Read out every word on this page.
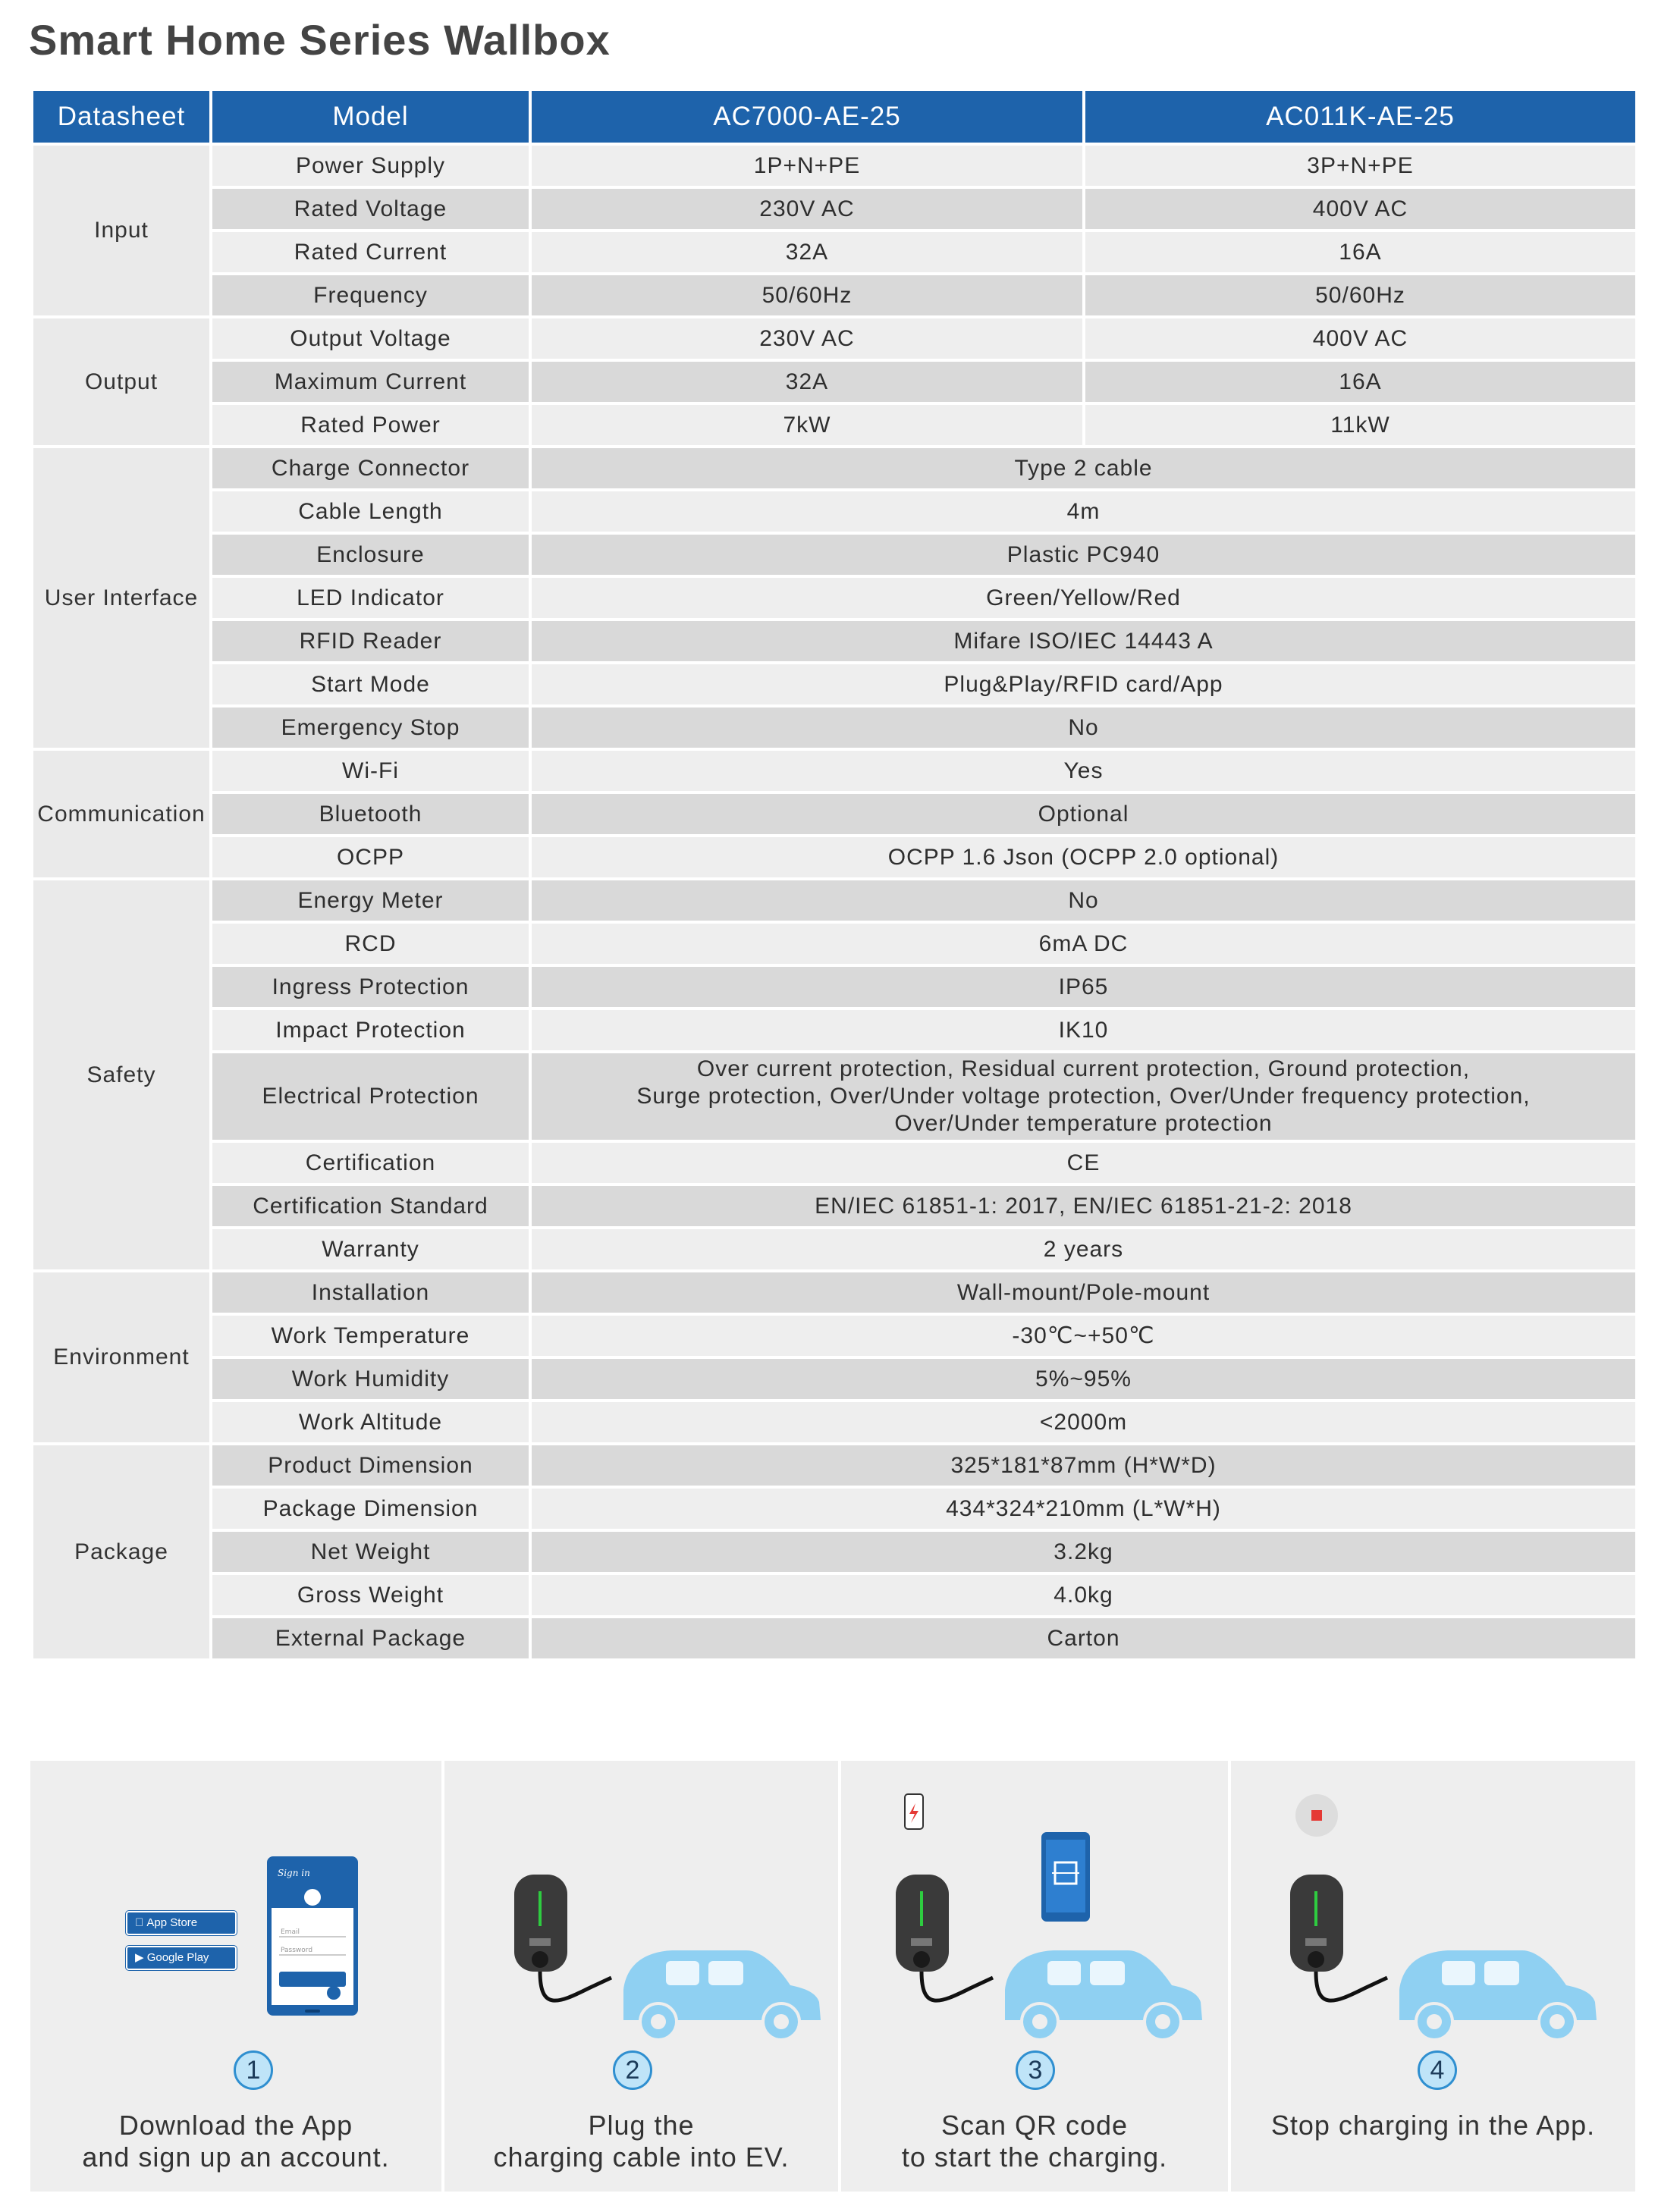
Smart Home Series Wallbox
Datasheet	Model	AC7000-AE-25	AC011K-AE-25
Input	Power Supply	1P+N+PE	3P+N+PE
	Rated Voltage	230V AC	400V AC
	Rated Current	32A	16A
	Frequency	50/60Hz	50/60Hz
Output	Output Voltage	230V AC	400V AC
	Maximum Current	32A	16A
	Rated Power	7kW	11kW
User Interface	Charge Connector	Type 2 cable	
	Cable Length	4m	
	Enclosure	Plastic PC940	
	LED Indicator	Green/Yellow/Red	
	RFID Reader	Mifare ISO/IEC 14443 A	
	Start Mode	Plug&Play/RFID card/App	
	Emergency Stop	No	
Communication	Wi-Fi	Yes	
	Bluetooth	Optional	
	OCPP	OCPP 1.6 Json (OCPP 2.0 optional)	
Safety	Energy Meter	No	
	RCD	6mA DC	
	Ingress Protection	IP65	
	Impact Protection	IK10	
	Electrical Protection	Over current protection, Residual current protection, Ground protection,
Surge protection, Over/Under voltage protection, Over/Under frequency protection,
Over/Under temperature protection	

	Certification	CE	
	Certification Standard	EN/IEC 61851-1: 2017, EN/IEC 61851-21-2: 2018	
	Warranty	2 years	
Environment	Installation	Wall-mount/Pole-mount	
	Work Temperature	-30℃~+50℃	
	Work Humidity	5%~95%	
	Work Altitude	<2000m	
Package	Product Dimension	325*181*87mm (H*W*D)	
	Package Dimension	434*324*210mm (L*W*H)	
	Net Weight	3.2kg	
	Gross Weight	4.0kg	
	External Package	Carton	
Sign in
Email
Password
App Store
▶ Google Play
1
Download the App
and sign up an account.
2
Plug the
charging cable into EV.
3
Scan QR code
to start the charging.
4
Stop charging in the App.
